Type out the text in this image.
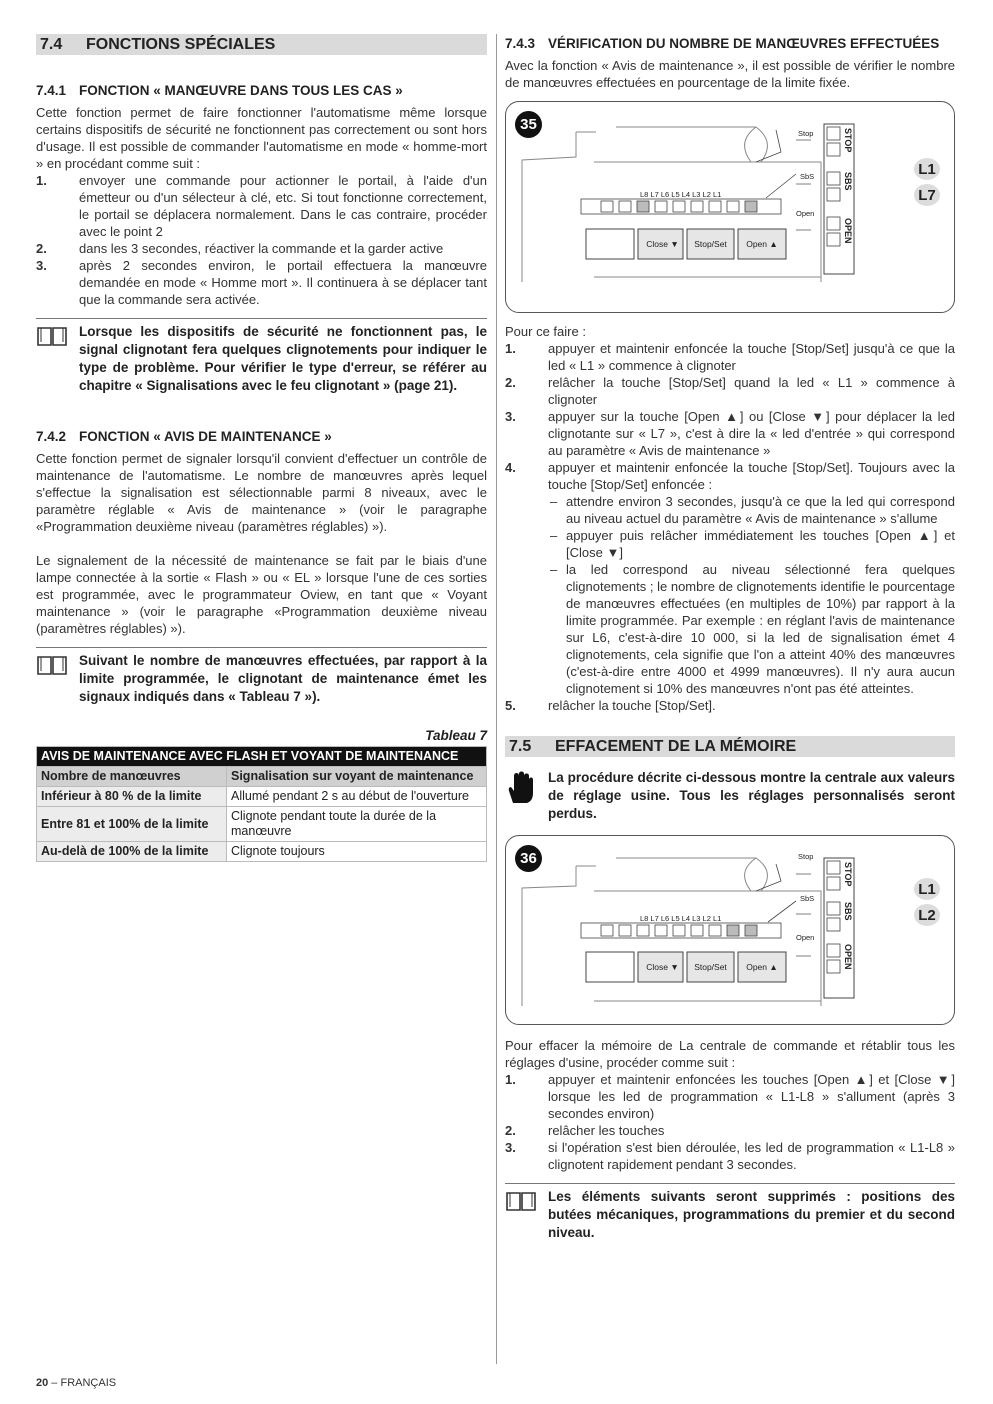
7.4	FONCTIONS SPÉCIALES
7.4.1 FONCTION « MANŒUVRE DANS TOUS LES CAS »
Cette fonction permet de faire fonctionner l'automatisme même lorsque certains dispositifs de sécurité ne fonctionnent pas correctement ou sont hors d'usage. Il est possible de commander l'automatisme en mode « homme-mort » en procédant comme suit :
1.	envoyer une commande pour actionner le portail, à l'aide d'un émetteur ou d'un sélecteur à clé, etc. Si tout fonctionne correctement, le portail se déplacera normalement. Dans le cas contraire, procéder avec le point 2
2.	dans les 3 secondes, réactiver la commande et la garder active
3.	après 2 secondes environ, le portail effectuera la manœuvre demandée en mode « Homme mort ». Il continuera à se déplacer tant que la commande sera activée.
Lorsque les dispositifs de sécurité ne fonctionnent pas, le signal clignotant fera quelques clignotements pour indiquer le type de problème. Pour vérifier le type d'erreur, se référer au chapitre « Signalisations avec le feu clignotant » (page 21).
7.4.2 FONCTION « AVIS DE MAINTENANCE »
Cette fonction permet de signaler lorsqu'il convient d'effectuer un contrôle de maintenance de l'automatisme. Le nombre de manœuvres après lequel s'effectue la signalisation est sélectionnable parmi 8 niveaux, avec le paramètre réglable « Avis de maintenance » (voir le paragraphe «Programmation deuxième niveau (paramètres réglables) »).
Le signalement de la nécessité de maintenance se fait par le biais d'une lampe connectée à la sortie « Flash » ou « EL » lorsque l'une de ces sorties est programmée, avec le programmateur Oview, en tant que « Voyant maintenance » (voir le paragraphe «Programmation deuxième niveau (paramètres réglables) »).
Suivant le nombre de manœuvres effectuées, par rapport à la limite programmée, le clignotant de maintenance émet les signaux indiqués dans « Tableau 7 »).
Tableau 7
AVIS DE MAINTENANCE AVEC FLASH ET VOYANT DE MAINTENANCE	
Nombre de manœuvres	Signalisation sur voyant de maintenance
Inférieur à 80 % de la limite	Allumé pendant 2 s au début de l'ouverture
Entre 81 et 100% de la limite	Clignote pendant toute la durée de la manœuvre
Au-delà de 100% de la limite	Clignote toujours
7.4.3 VÉRIFICATION DU NOMBRE DE MANŒUVRES EFFECTUÉES
Avec la fonction « Avis de maintenance », il est possible de vérifier le nombre de manœuvres effectuées en pourcentage de la limite fixée.
35
L8 L7 L6 L5 L4 L3 L2 L1
Close ▼	Stop/Set	Open ▲
Stop
SbS
Open
STOP
SBS
OPEN
L1
L7
Pour ce faire :
1.	appuyer et maintenir enfoncée la touche [Stop/Set] jusqu'à ce que la led « L1 » commence à clignoter
2.	relâcher la touche [Stop/Set] quand la led « L1 » commence à clignoter
3.	appuyer sur la touche [Open ▲] ou [Close ▼] pour déplacer la led clignotante sur « L7 », c'est à dire la « led d'entrée » qui correspond au paramètre « Avis de maintenance »
4.	appuyer et maintenir enfoncée la touche [Stop/Set]. Toujours avec la touche [Stop/Set] enfoncée :
– attendre environ 3 secondes, jusqu'à ce que la led qui correspond au niveau actuel du paramètre « Avis de maintenance » s'allume
– appuyer puis relâcher immédiatement les touches [Open ▲] et [Close ▼]
– la led correspond au niveau sélectionné fera quelques clignotements ; le nombre de clignotements identifie le pourcentage de manœuvres effectuées (en multiples de 10%) par rapport à la limite programmée. Par exemple : en réglant l'avis de maintenance sur L6, c'est-à-dire 10 000, si la led de signalisation émet 4 clignotements, cela signifie que l'on a atteint 40% des manœuvres (c'est-à-dire entre 4000 et 4999 manœuvres). Il n'y aura aucun clignotement si 10% des manœuvres n'ont pas été atteintes.
5.	relâcher la touche [Stop/Set].
7.5	EFFACEMENT DE LA MÉMOIRE
La procédure décrite ci-dessous montre la centrale aux valeurs de réglage usine. Tous les réglages personnalisés seront perdus.
36
L8 L7 L6 L5 L4 L3 L2 L1
Close ▼	Stop/Set	Open ▲
Stop
SbS
Open
STOP
SBS
OPEN
L1
L2
Pour effacer la mémoire de La centrale de commande et rétablir tous les réglages d'usine, procéder comme suit :
1.	appuyer et maintenir enfoncées les touches [Open ▲] et [Close ▼] lorsque les led de programmation « L1-L8 » s'allument (après 3 secondes environ)
2.	relâcher les touches
3.	si l'opération s'est bien déroulée, les led de programmation « L1-L8 » clignotent rapidement pendant 3 secondes.
Les éléments suivants seront supprimés : positions des butées mécaniques, programmations du premier et du second niveau.
20 – FRANÇAIS
